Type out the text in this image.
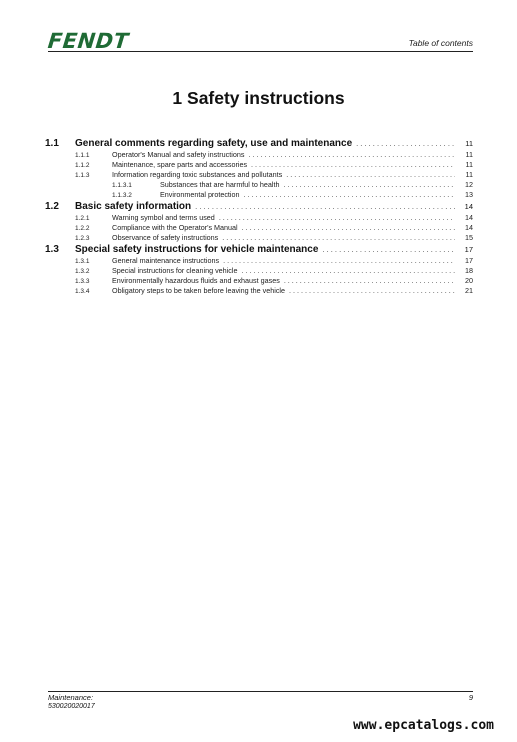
FENDT	Table of contents
1 Safety instructions
1.1	General comments regarding safety, use and maintenance . . .	11
1.1.1	Operator's Manual and safety instructions . . .	11
1.1.2	Maintenance, spare parts and accessories . . .	11
1.1.3	Information regarding toxic substances and pollutants . . .	11
1.1.3.1	Substances that are harmful to health . . .	12
1.1.3.2	Environmental protection . . .	13
1.2	Basic safety information . . .	14
1.2.1	Warning symbol and terms used . . .	14
1.2.2	Compliance with the Operator's Manual . . .	14
1.2.3	Observance of safety instructions . . .	15
1.3	Special safety instructions for vehicle maintenance . . .	17
1.3.1	General maintenance instructions . . .	17
1.3.2	Special instructions for cleaning vehicle . . .	18
1.3.3	Environmentally hazardous fluids and exhaust gases . . .	20
1.3.4	Obligatory steps to be taken before leaving the vehicle . . .	21
Maintenance:
530020020017
9
www.epcatalogs.com
